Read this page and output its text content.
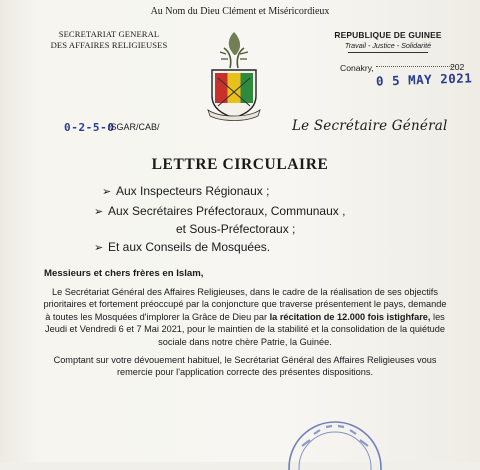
Au Nom du Dieu Clément et Miséricordieux
SECRETARIAT GENERAL
DES AFFAIRES RELIGIEUSES
REPUBLIQUE DE GUINEE
Travail - Justice - Solidarité
Conakry,	202
0 5 MAY 2021
0-2-5-0
/SGAR/CAB/	Le Secrétaire Général
LETTRE CIRCULAIRE
➢ Aux Inspecteurs Régionaux ;
➢ Aux Secrétaires Préfectoraux, Communaux ,
et Sous-Préfectoraux ;
➢ Et aux Conseils de Mosquées.
Messieurs et chers frères en Islam,
Le Secrétariat Général des Affaires Religieuses, dans le cadre de la réalisation de ses objectifs prioritaires et fortement préoccupé par la conjoncture que traverse présentement le pays, demande à toutes les Mosquées d'implorer la Grâce de Dieu par la récitation de 12.000 fois istighfare, les Jeudi et Vendredi 6 et 7 Mai 2021, pour le maintien de la stabilité et la consolidation de la quiétude sociale dans notre chère Patrie, la Guinée.
Comptant sur votre dévouement habituel, le Secrétariat Général des Affaires Religieuses vous remercie pour l'application correcte des présentes dispositions.
